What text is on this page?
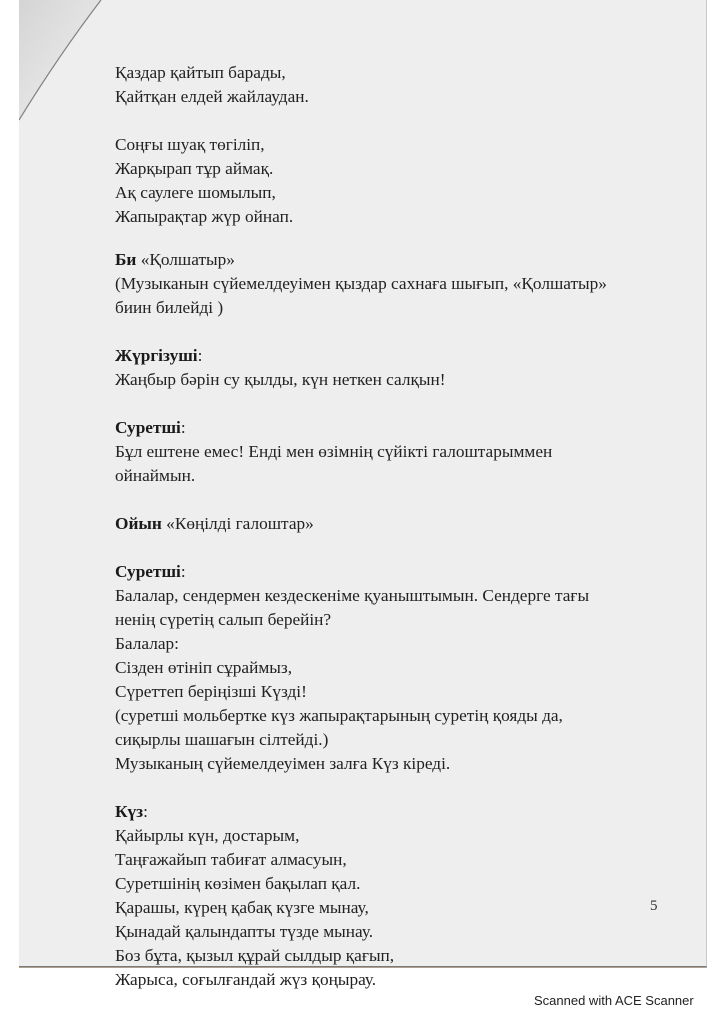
Қаздар қайтып барады,
Қайтқан елдей жайлаудан.
Соңғы шуақ төгіліп,
Жарқырап тұр аймақ.
Ақ саулеге шомылып,
Жапырақтар жүр ойнап.
Би «Қолшатыр»
(Музыканын сүйемелдеуімен қыздар сахнаға шығып, «Қолшатыр»
биин билейді )
Жүргізуші:
Жаңбыр бәрін су қылды, күн неткен салқын!
Суретші:
Бұл ештене емес! Енді мен өзімнің сүйікті галоштарыммен
ойнаймын.
Ойын «Көңілді галоштар»
Суретші:
Балалар, сендермен кездескеніме қуаныштымын. Сендерге тағы
ненің сүретің салып берейін?
Балалар:
Сізден өтініп сұраймыз,
Сүреттеп беріңізші Күзді!
(суретші мольбертке күз жапырақтарының суретің қояды да,
сиқырлы шашағын сілтейді.)
Музыканың сүйемелдеуімен залға Күз кіреді.
Күз:
Қайырлы күн, достарым,
Таңғажайып табиғат алмасуын,
Суретшінің көзімен бақылап қал.
Қарашы, күрең қабақ күзге мынау,
Қынадай қалындапты түзде мынау.
Боз бұта, қызыл құрай сылдыр қағып,
Жарыса, соғылғандай жүз қоңырау.
5
Scanned with ACE Scanner
